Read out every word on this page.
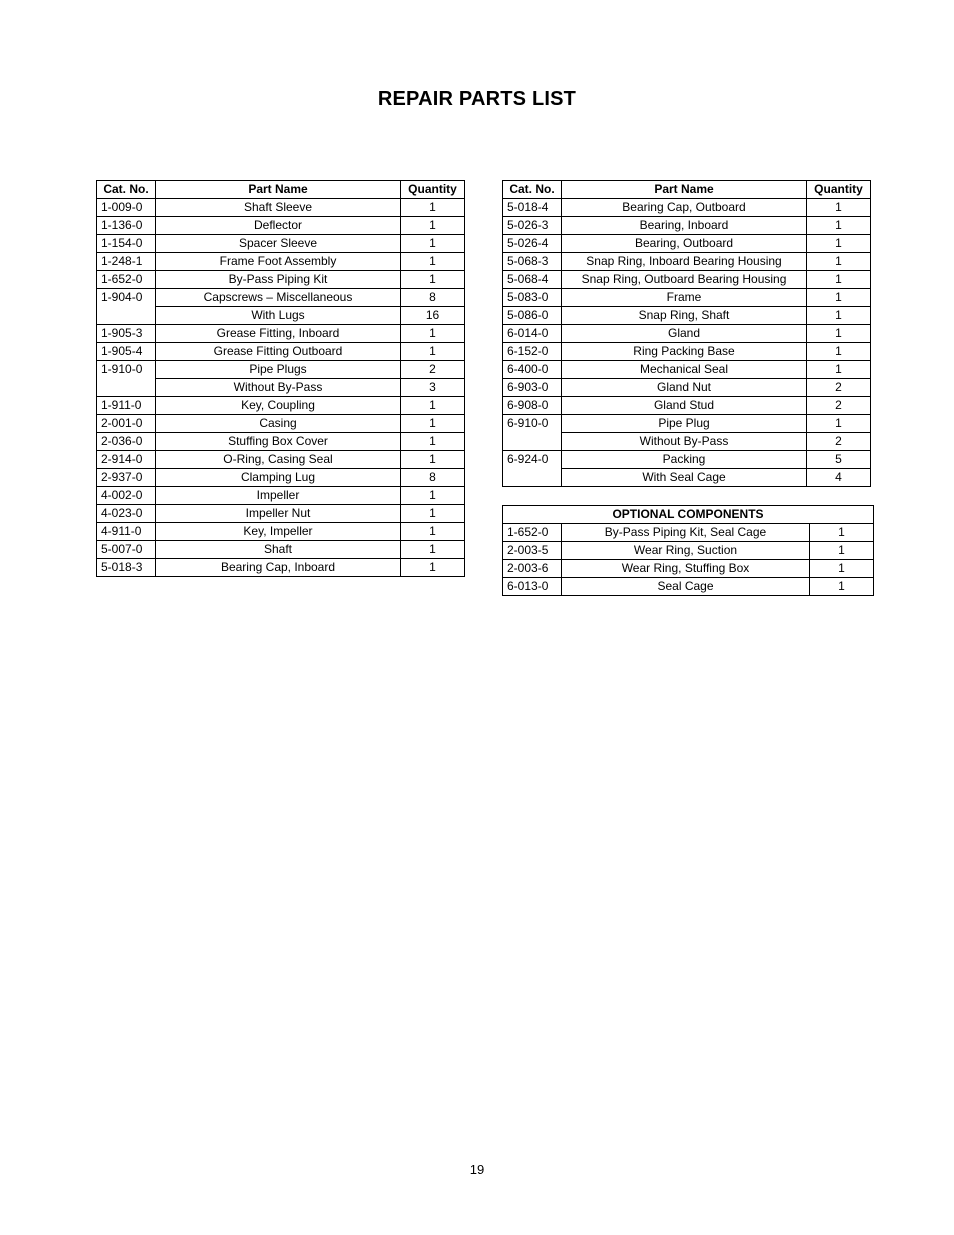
REPAIR PARTS LIST
Cat. No.	Part Name	Quantity
1-009-0	Shaft Sleeve	1
1-136-0	Deflector	1
1-154-0	Spacer Sleeve	1
1-248-1	Frame Foot Assembly	1
1-652-0	By-Pass Piping Kit	1
1-904-0	Capscrews – Miscellaneous	8
	With Lugs	16
1-905-3	Grease Fitting, Inboard	1
1-905-4	Grease Fitting Outboard	1
1-910-0	Pipe Plugs	2
	Without By-Pass	3
1-911-0	Key, Coupling	1
2-001-0	Casing	1
2-036-0	Stuffing Box Cover	1
2-914-0	O-Ring, Casing Seal	1
2-937-0	Clamping Lug	8
4-002-0	Impeller	1
4-023-0	Impeller Nut	1
4-911-0	Key, Impeller	1
5-007-0	Shaft	1
5-018-3	Bearing Cap, Inboard	1
Cat. No.	Part Name	Quantity
5-018-4	Bearing Cap, Outboard	1
5-026-3	Bearing, Inboard	1
5-026-4	Bearing, Outboard	1
5-068-3	Snap Ring, Inboard Bearing Housing	1
5-068-4	Snap Ring, Outboard Bearing Housing	1
5-083-0	Frame	1
5-086-0	Snap Ring, Shaft	1
6-014-0	Gland	1
6-152-0	Ring Packing Base	1
6-400-0	Mechanical Seal	1
6-903-0	Gland Nut	2
6-908-0	Gland Stud	2
6-910-0	Pipe Plug	1
	Without By-Pass	2
6-924-0	Packing	5
	With Seal Cage	4
OPTIONAL COMPONENTS		
1-652-0	By-Pass Piping Kit, Seal Cage	1
2-003-5	Wear Ring, Suction	1
2-003-6	Wear Ring, Stuffing Box	1
6-013-0	Seal Cage	1
19
